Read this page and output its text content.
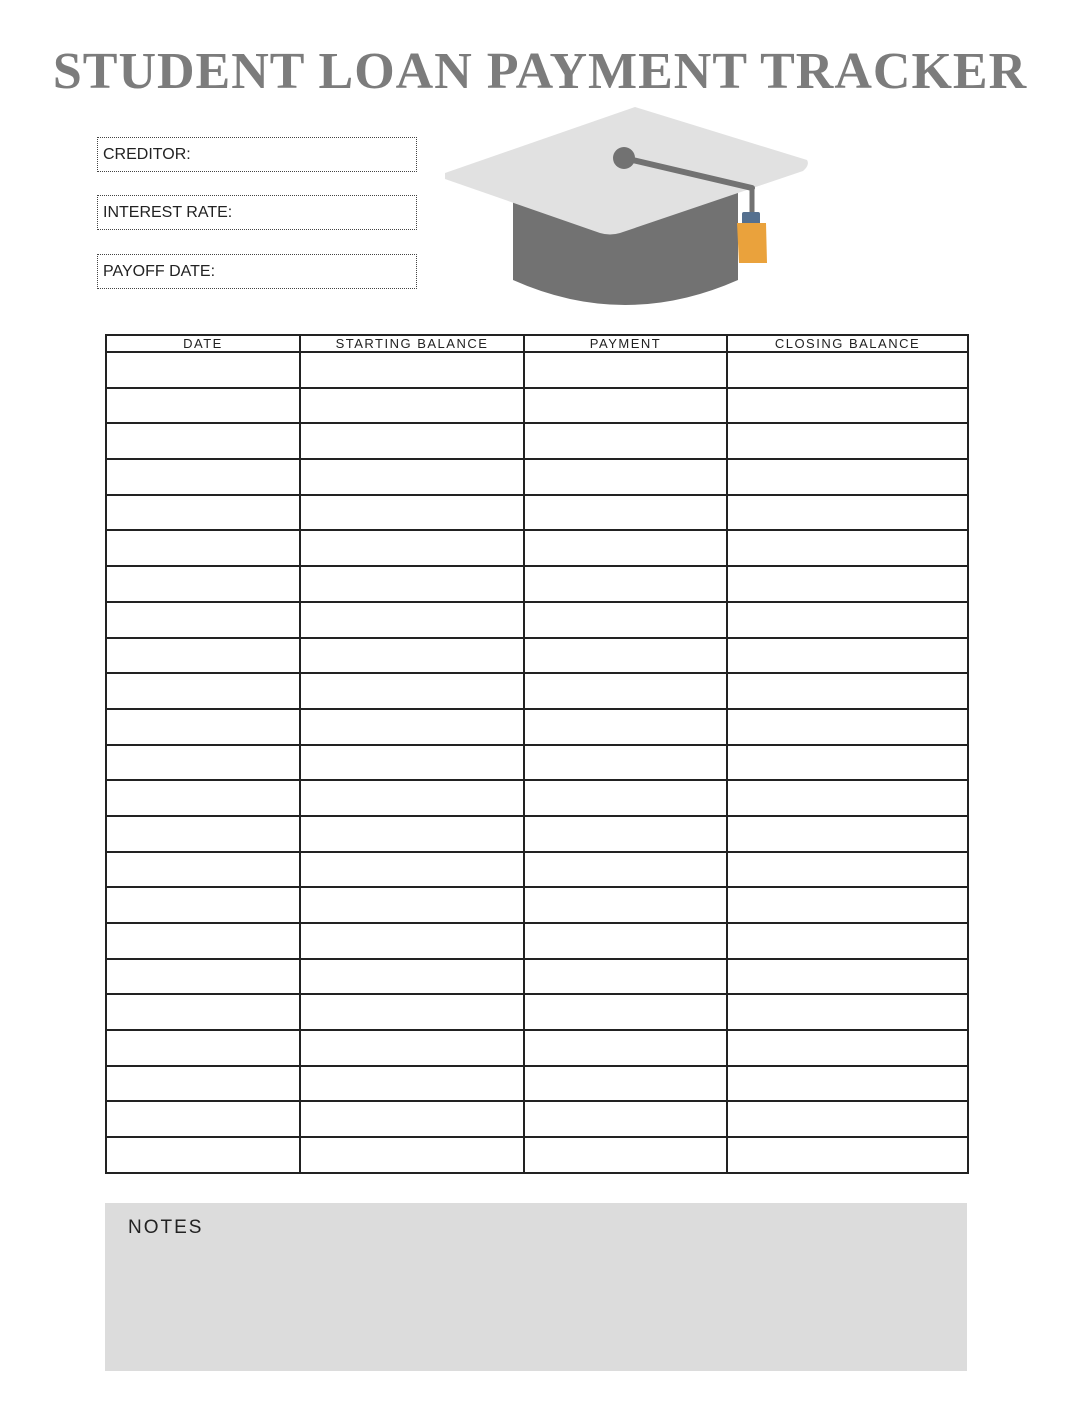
STUDENT LOAN PAYMENT TRACKER
CREDITOR:
INTEREST RATE:
PAYOFF DATE:
DATE	STARTING BALANCE	PAYMENT	CLOSING BALANCE

NOTES
